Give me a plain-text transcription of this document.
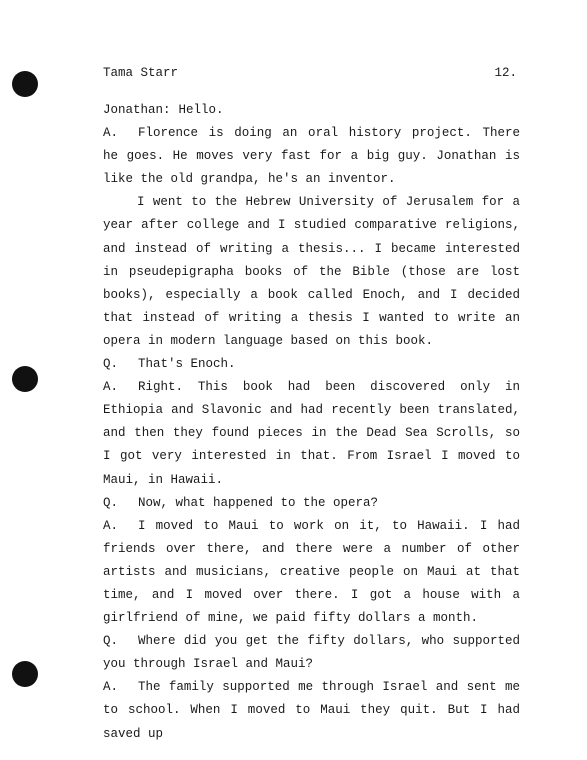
Tama Starr	12.

Jonathan: Hello.

A. Florence is doing an oral history project. There he goes. He moves very fast for a big guy. Jonathan is like the old grandpa, he's an inventor.

I went to the Hebrew University of Jerusalem for a year after college and I studied comparative religions, and instead of writing a thesis... I became interested in pseudepigrapha books of the Bible (those are lost books), especially a book called Enoch, and I decided that instead of writing a thesis I wanted to write an opera in modern language based on this book.

Q. That's Enoch.

A. Right. This book had been discovered only in Ethiopia and Slavonic and had recently been translated, and then they found pieces in the Dead Sea Scrolls, so I got very interested in that. From Israel I moved to Maui, in Hawaii.

Q. Now, what happened to the opera?

A. I moved to Maui to work on it, to Hawaii. I had friends over there, and there were a number of other artists and musicians, creative people on Maui at that time, and I moved over there. I got a house with a girlfriend of mine, we paid fifty dollars a month.

Q. Where did you get the fifty dollars, who supported you through Israel and Maui?

A. The family supported me through Israel and sent me to school. When I moved to Maui they quit. But I had saved up
